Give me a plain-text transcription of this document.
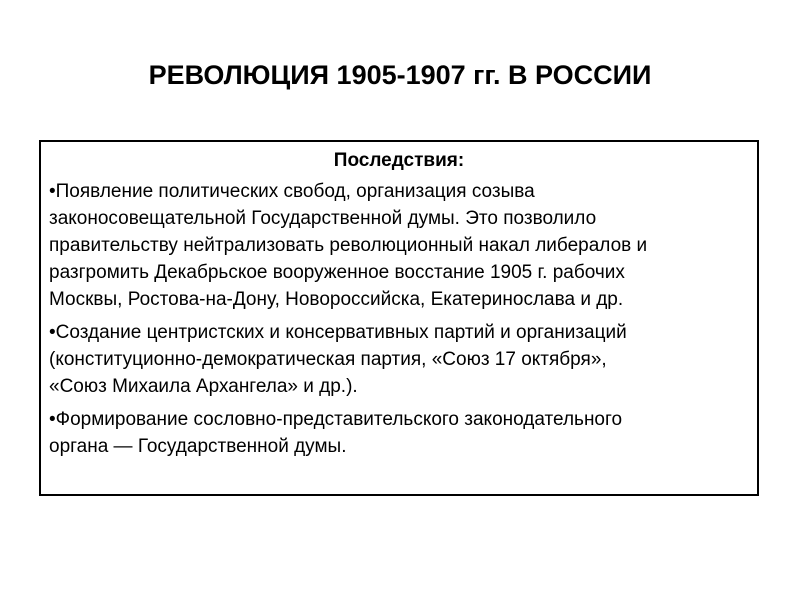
РЕВОЛЮЦИЯ 1905-1907 гг. В РОССИИ
Последствия:
•Появление политических свобод, организация созыва
законосовещательной Государственной думы. Это позволило
правительству нейтрализовать революционный накал либералов и
разгромить Декабрьское вооруженное восстание 1905 г. рабочих
Москвы, Ростова-на-Дону, Новороссийска, Екатеринослава и др.
•Создание центристских и консервативных партий и организаций
(конституционно-демократическая партия, «Союз 17 октября»,
«Союз Михаила Архангела» и др.).
•Формирование сословно-представительского законодательного
органа — Государственной думы.
